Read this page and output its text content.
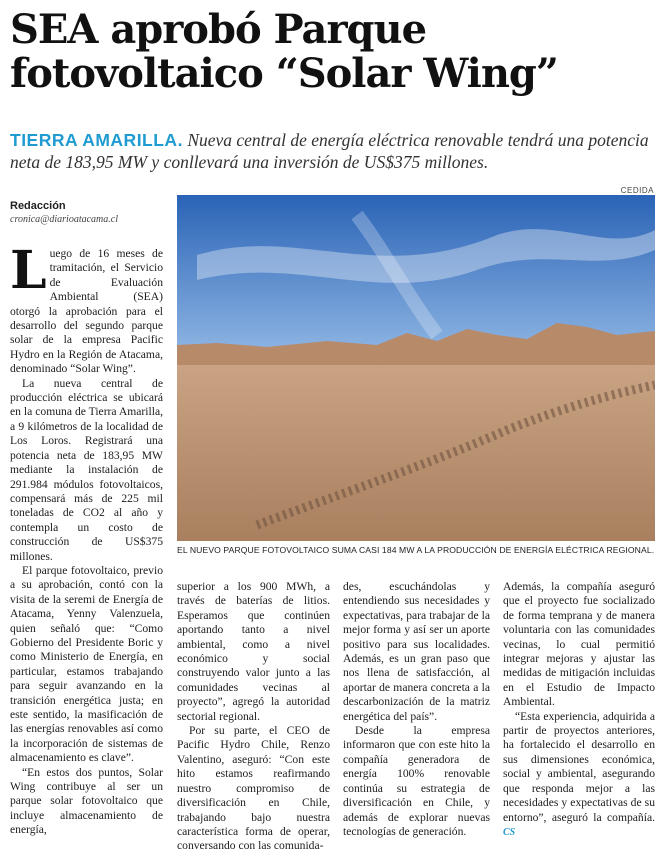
SEA aprobó Parque
fotovoltaico “Solar Wing”
TIERRA AMARILLA. Nueva central de energía eléctrica renovable tendrá una potencia neta de 183,95 MW y conllevará una inversión de US$375 millones.
CEDIDA
Redacción
cronica@diarioatacama.cl
EL NUEVO PARQUE FOTOVOLTAICO SUMA CASI 184 MW A LA PRODUCCIÓN DE ENERGÍA ELÉCTRICA REGIONAL.

Luego de 16 meses de tramitación, el Servicio de Evaluación Ambiental (SEA) otorgó la aprobación para el desarrollo del segundo parque solar de la empresa Pacific Hydro en la Región de Atacama, denominado “Solar Wing”.

La nueva central de producción eléctrica se ubicará en la comuna de Tierra Amarilla, a 9 kilómetros de la localidad de Los Loros. Registrará una potencia neta de 183,95 MW mediante la instalación de 291.984 módulos fotovoltaicos, compensará más de 225 mil toneladas de CO2 al año y contempla un costo de construcción de US$375 millones.

El parque fotovoltaico, previo a su aprobación, contó con la visita de la seremi de Energía de Atacama, Yenny Valenzuela, quien señaló que: “Como Gobierno del Presidente Boric y como Ministerio de Energía, en particular, estamos trabajando para seguir avanzando en la transición energética justa; en este sentido, la masificación de las energías renovables así como la incorporación de sistemas de almacenamiento es clave”.

“En estos dos puntos, Solar Wing contribuye al ser un parque solar fotovoltaico que incluye almacenamiento de energía,

superior a los 900 MWh, a través de baterías de litios. Esperamos que continúen aportando tanto a nivel ambiental, como a nivel económico y social construyendo valor junto a las comunidades vecinas al proyecto”, agregó la autoridad sectorial regional.

Por su parte, el CEO de Pacific Hydro Chile, Renzo Valentino, aseguró: “Con este hito estamos reafirmando nuestro compromiso de diversificación en Chile, trabajando bajo nuestra característica forma de operar, conversando con las comunida-

des, escuchándolas y entendiendo sus necesidades y expectativas, para trabajar de la mejor forma y así ser un aporte positivo para sus localidades. Además, es un gran paso que nos llena de satisfacción, al aportar de manera concreta a la descarbonización de la matriz energética del país”.

Desde la empresa informaron que con este hito la compañía generadora de energía 100% renovable continúa su estrategia de diversificación en Chile, y además de explorar nuevas tecnologías de generación.

Además, la compañía aseguró que el proyecto fue socializado de forma temprana y de manera voluntaria con las comunidades vecinas, lo cual permitió integrar mejoras y ajustar las medidas de mitigación incluidas en el Estudio de Impacto Ambiental.

“Esta experiencia, adquirida a partir de proyectos anteriores, ha fortalecido el desarrollo en sus dimensiones económica, social y ambiental, asegurando que responda mejor a las necesidades y expectativas de su entorno”, aseguró la compañía. CS
